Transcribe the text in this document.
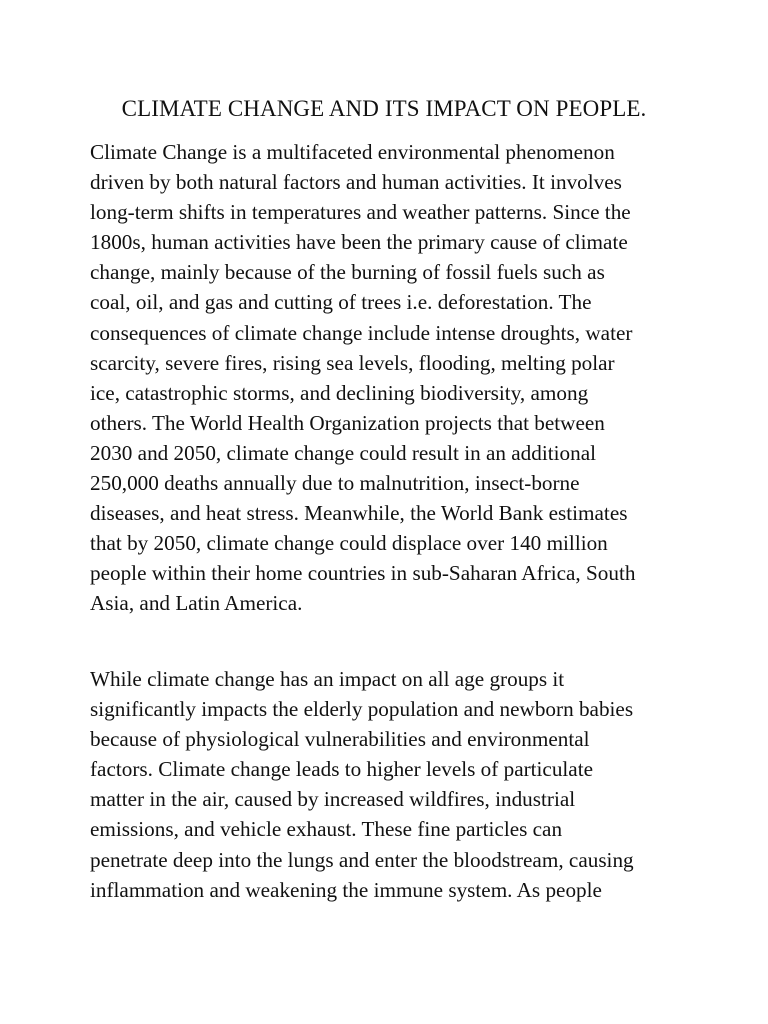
CLIMATE CHANGE AND ITS IMPACT ON PEOPLE.

Climate Change is a multifaceted environmental phenomenon
driven by both natural factors and human activities. It involves
long-term shifts in temperatures and weather patterns. Since the
1800s, human activities have been the primary cause of climate
change, mainly because of the burning of fossil fuels such as
coal, oil, and gas and cutting of trees i.e. deforestation. The
consequences of climate change include intense droughts, water
scarcity, severe fires, rising sea levels, flooding, melting polar
ice, catastrophic storms, and declining biodiversity, among
others. The World Health Organization projects that between
2030 and 2050, climate change could result in an additional
250,000 deaths annually due to malnutrition, insect-borne
diseases, and heat stress. Meanwhile, the World Bank estimates
that by 2050, climate change could displace over 140 million
people within their home countries in sub-Saharan Africa, South
Asia, and Latin America.

While climate change has an impact on all age groups it
significantly impacts the elderly population and newborn babies
because of physiological vulnerabilities and environmental
factors. Climate change leads to higher levels of particulate
matter in the air, caused by increased wildfires, industrial
emissions, and vehicle exhaust. These fine particles can
penetrate deep into the lungs and enter the bloodstream, causing
inflammation and weakening the immune system. As people
